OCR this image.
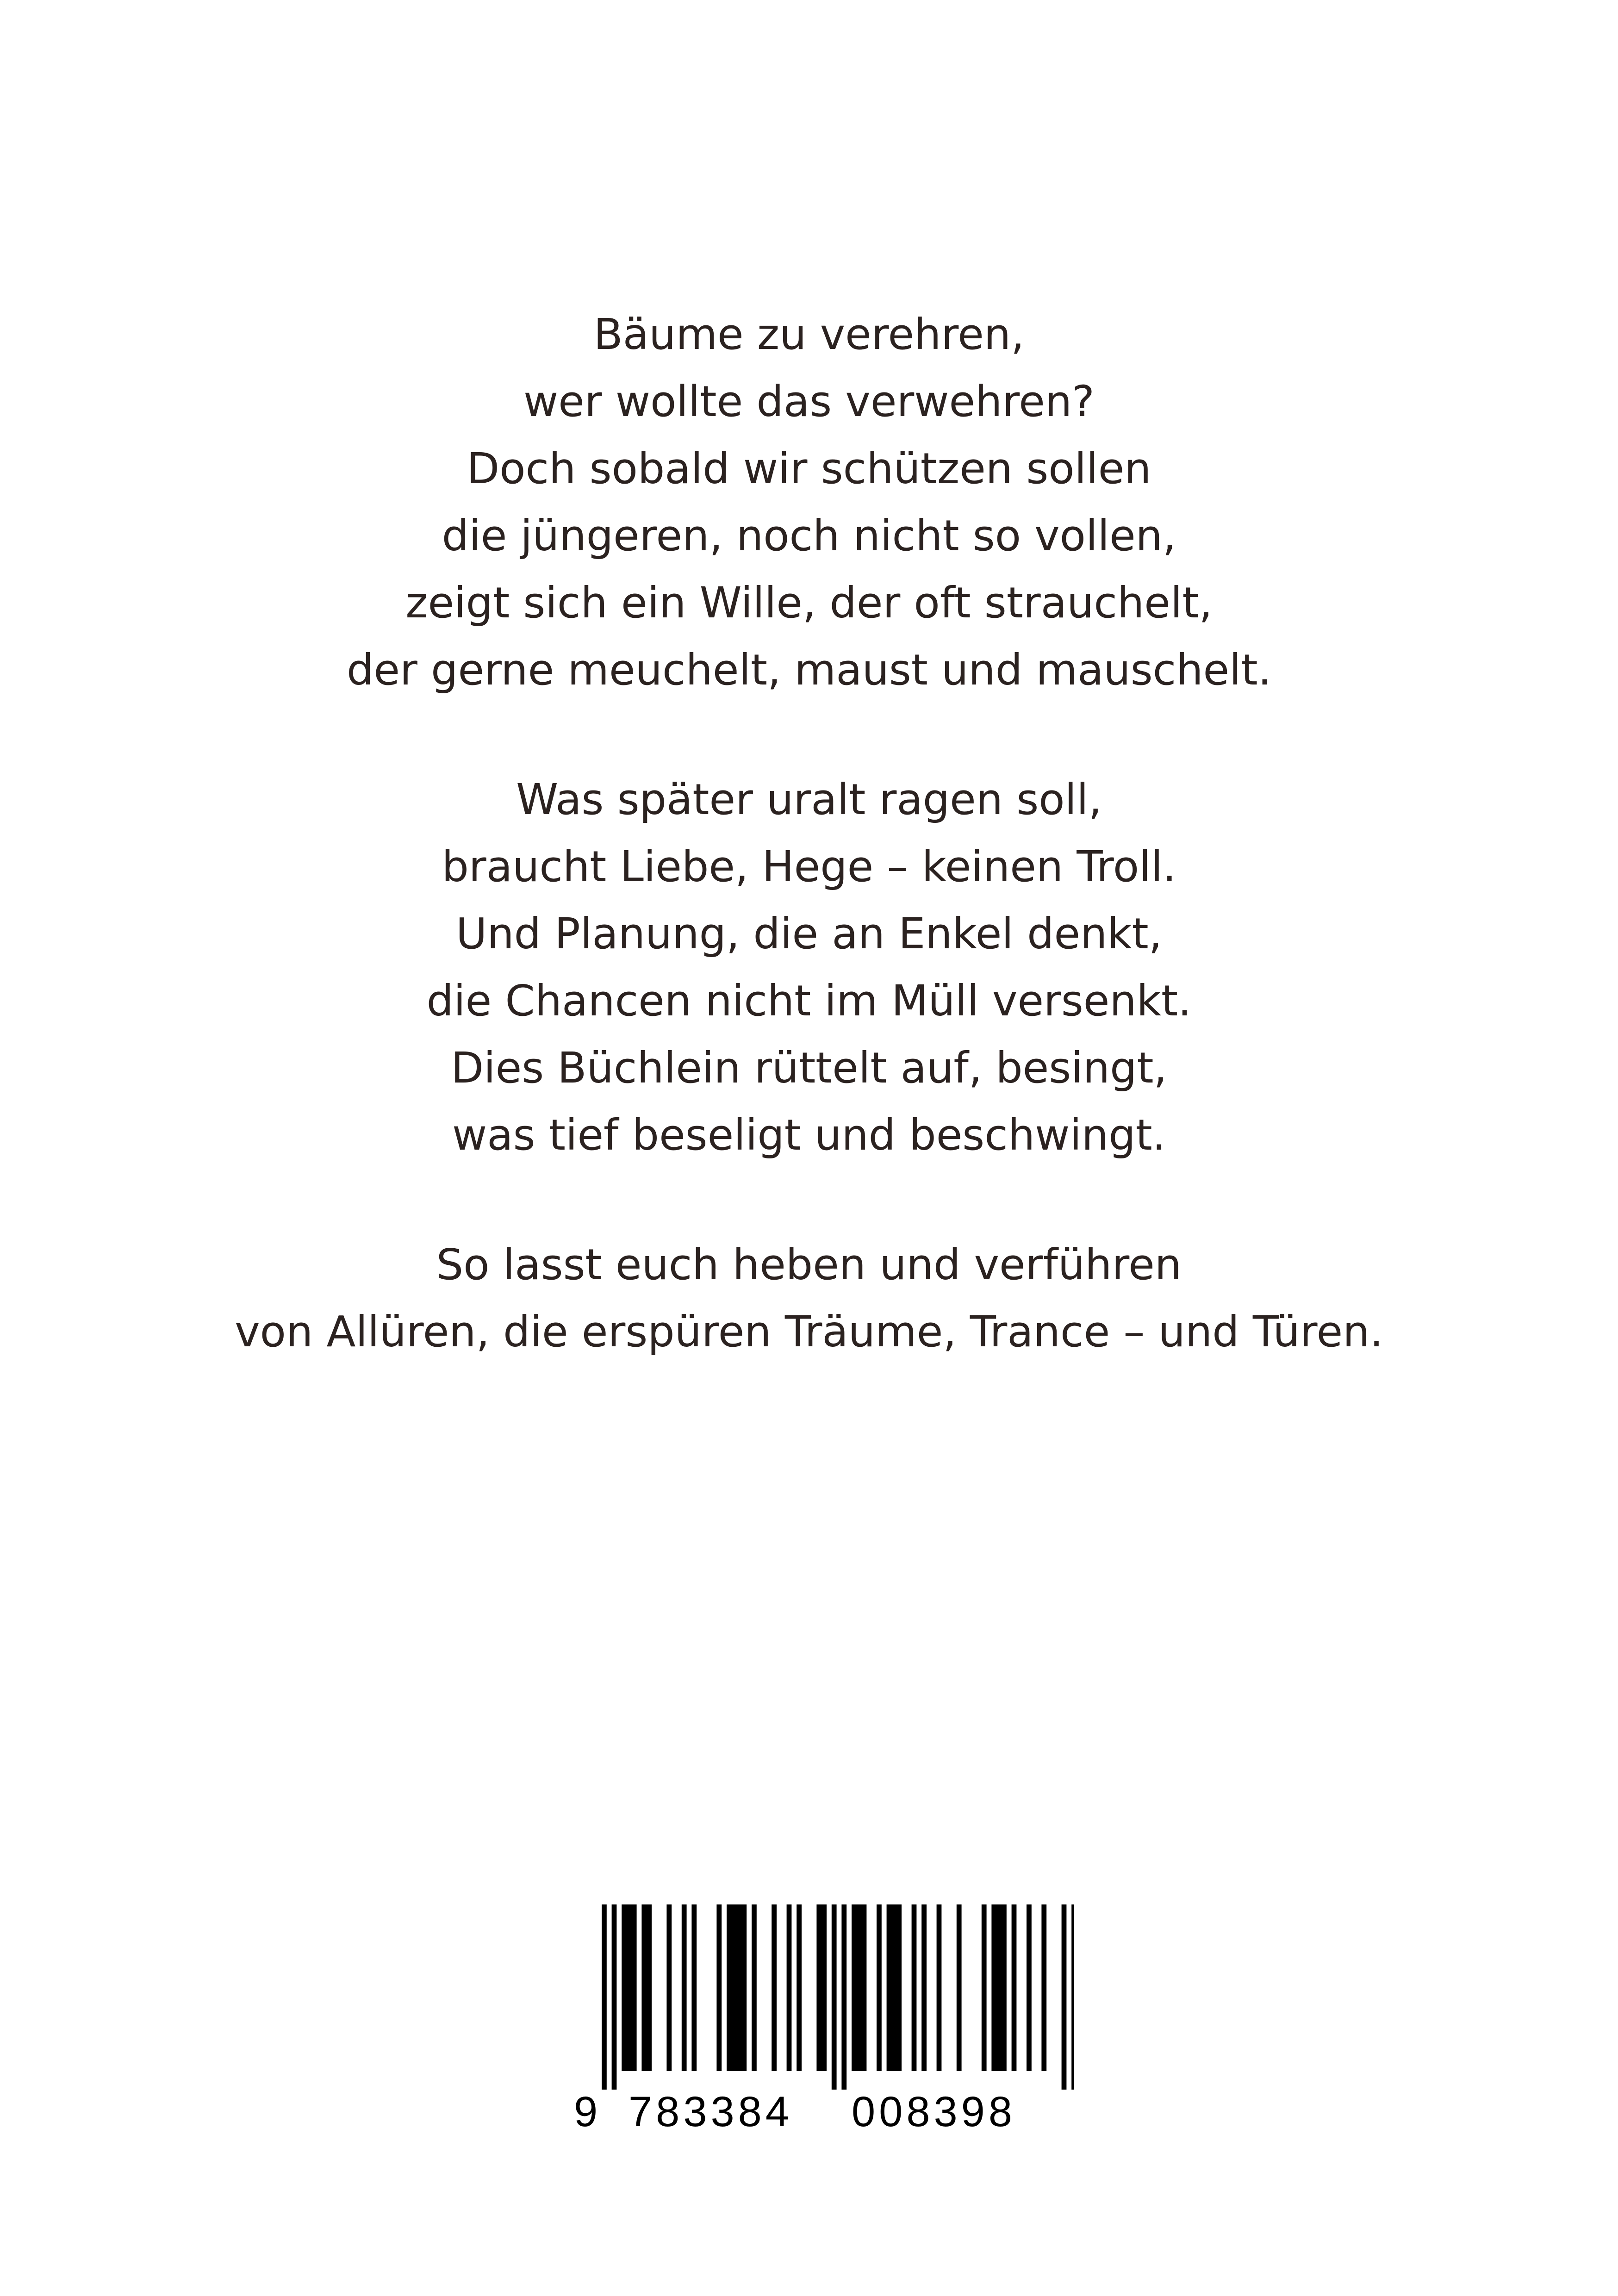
Bäume zu verehren,
wer wollte das verwehren?
Doch sobald wir schützen sollen
die jüngeren, noch nicht so vollen,
zeigt sich ein Wille, der oft strauchelt,
der gerne meuchelt, maust und mauschelt.
Was später uralt ragen soll,
braucht Liebe, Hege – keinen Troll.
Und Planung, die an Enkel denkt,
die Chancen nicht im Müll versenkt.
Dies Büchlein rüttelt auf, besingt,
was tief beseligt und beschwingt.
So lasst euch heben und verführen
von Allüren, die erspüren Träume, Trance – und Türen.
9 783384 008398
